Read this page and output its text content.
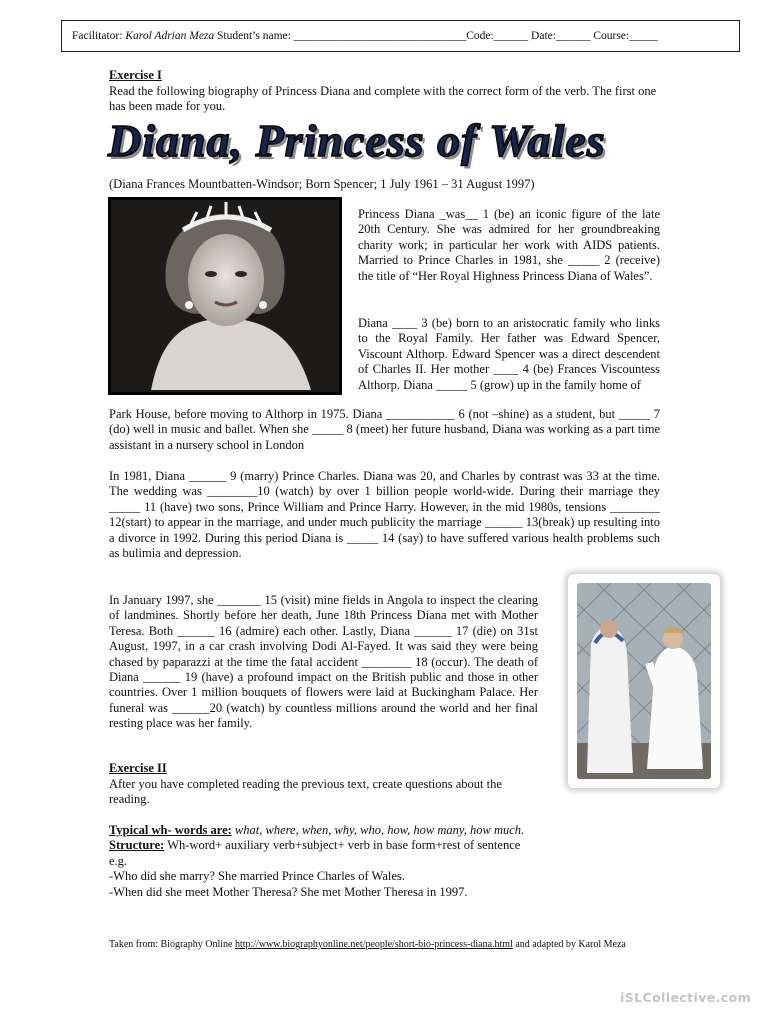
Facilitator: Karol Adrian Meza Student’s name: ______________________________Code:______ Date:______ Course:_____
Exercise I
Read the following biography of Princess Diana and complete with the correct form of the verb. The first one has been made for you.
Diana, Princess of Wales
(Diana Frances Mountbatten-Windsor; Born Spencer; 1 July 1961 – 31 August 1997)
Princess Diana _was__ 1 (be) an iconic figure of the late 20th Century. She was admired for her groundbreaking charity work; in particular her work with AIDS patients. Married to Prince Charles in 1981, she _____ 2 (receive) the title of “Her Royal Highness Princess Diana of Wales”.
Diana ____ 3 (be) born to an aristocratic family who links to the Royal Family. Her father was Edward Spencer, Viscount Althorp. Edward Spencer was a direct descendent of Charles II. Her mother ____ 4 (be) Frances Viscountess Althorp. Diana _____ 5 (grow) up in the family home of
Park House, before moving to Althorp in 1975. Diana ___________ 6 (not –shine) as a student, but _____ 7 (do) well in music and ballet. When she _____ 8 (meet) her future husband, Diana was working as a part time assistant in a nursery school in London
In 1981, Diana ______ 9 (marry) Prince Charles. Diana was 20, and Charles by contrast was 33 at the time. The wedding was ________10 (watch) by over 1 billion people world-wide. During their marriage they _____ 11 (have) two sons, Prince William and Prince Harry. However, in the mid 1980s, tensions ________ 12(start) to appear in the marriage, and under much publicity the marriage ______ 13(break) up resulting into a divorce in 1992. During this period Diana is _____ 14 (say) to have suffered various health problems such as bulimia and depression.
In January 1997, she _______ 15 (visit) mine fields in Angola to inspect the clearing of landmines. Shortly before her death, June 18th Princess Diana met with Mother Teresa. Both ______ 16 (admire) each other. Lastly, Diana ______ 17 (die) on 31st August, 1997, in a car crash involving Dodi Al-Fayed. It was said they were being chased by paparazzi at the time the fatal accident ________ 18 (occur). The death of Diana ______ 19 (have) a profound impact on the British public and those in other countries. Over 1 million bouquets of flowers were laid at Buckingham Palace. Her funeral was ______20 (watch) by countless millions around the world and her final resting place was her family.
Exercise II
After you have completed reading the previous text, create questions about the reading.
Typical wh- words are: what, where, when, why, who, how, how many, how much.
Structure: Wh-word+ auxiliary verb+subject+ verb in base form+rest of sentence
e.g.
-Who did she marry? She married Prince Charles of Wales.
-When did she meet Mother Theresa? She met Mother Theresa in 1997.
Taken from: Biography Online http://www.biographyonline.net/people/short-bio-princess-diana.html and adapted by Karol Meza
iSLCollective.com
